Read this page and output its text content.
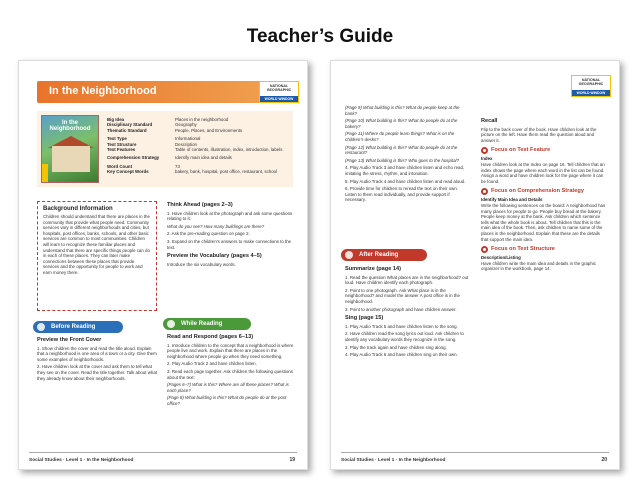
Teacher’s Guide
In the Neighborhood	NATIONAL GEOGRAPHIC
WORLD WINDOW
In the Neighborhood
Big Idea	Places in the neighborhood
Disciplinary Standard	Geography
Thematic Standard	People, Places, and Environments
Text Type	Informational
Text Structure	Description
Text Features	Table of contents, illustration, index, introduction, labels
Comprehension Strategy	Identify main idea and details
Word Count	73
Key Concept Words	bakery, bank, hospital, post office, restaurant, school
Background Information
Children should understand that there are places in the community that provide what people need. Community services vary in different neighborhoods and cities, but hospitals, post offices, banks, schools, and other basic services are common to most communities. Children will learn to recognize these familiar places and understand that there are specific things people can do in each of these places. They can later make connections between these places that provide services and the opportunity for people to work and earn money there.
Before Reading
Preview the Front Cover

1. Show children the cover and read the title aloud. Explain that a neighborhood is one area of a town or a city. Give them some examples of neighborhoods.

2. Have children look at the cover and ask them to tell what they see on the cover. Read the title together. Talk about what they already know about their neighborhoods.

Think Ahead (pages 2–3)

1. Have children look at the photograph and ask some questions relating to it.

What do you see? How many buildings are there?

2. Ask the pre-reading question on page 2.

3. Expand on the children's answers to make connections to the text.

Preview the Vocabulary (pages 4–5)

Introduce the six vocabulary words.

While Reading
Read and Respond (pages 6–13)

1. Introduce children to the concept that a neighborhood is where people live and work. Explain that there are places in the neighborhood where people go when they need something.

2. Play Audio Track 2 and have children listen.

3. Read each page together. Ask children the following questions about the text:

(Pages 6–7) What is this? Where are all these places? What is each place?

(Page 8) What building is this? What do people do at the post office?

Social Studies · Level 1 · In the Neighborhood	19
NATIONAL GEOGRAPHIC
WORLD WINDOW

(Page 9) What building is this? What do people keep at the bank?

(Page 10) What building is this? What do people do at the bakery?

(Page 11) Where do people learn things? What is on the children's desks?

(Page 12) What building is this? What do people do at the restaurant?

(Page 13) What building is this? Who goes to the hospital?

4. Play Audio Track 3 and have children listen and echo read, imitating the stress, rhythm, and intonation.

5. Play Audio Track 4 and have children listen and read aloud.

6. Provide time for children to reread the text on their own. Listen to them read individually, and provide support if necessary.

After Reading
Summarize (page 14)

1. Read the question What places are in the neighborhood? out loud. Have children identify each photograph.

2. Point to one photograph. Ask What place is in the neighborhood? and model the answer A post office is in the neighborhood.

3. Point to another photograph and have children answer.

Sing (page 15)

1. Play Audio Track 5 and have children listen to the song.

2. Have children read the song lyrics out loud. Ask children to identify any vocabulary words they recognize in the song.

3. Play the track again and have children sing along.

4. Play Audio Track 6 and have children sing on their own.

Recall

Flip to the back cover of the book. Have children look at the picture on the left. Have them read the question aloud and answer it.

Focus on Text Feature
Index

Have children look at the Index on page 16. Tell children that an index shows the page where each word in the list can be found. Assign a word and have children look for the page where it can be found.

Focus on Comprehension Strategy
Identify Main Idea and Details

Write the following sentences on the board: A neighborhood has many places for people to go. People buy bread at the bakery. People keep money at the bank. Ask children which sentence tells what the whole book is about. Tell children that this is the main idea of the book. Then, ask children to name some of the places in the neighborhood. Explain that these are the details that support the main idea.

Focus on Text Structure
Description/Listing

Have children write the main idea and details in the graphic organizer in the workbook, page 14.

Social Studies · Level 1 · In the Neighborhood	20
